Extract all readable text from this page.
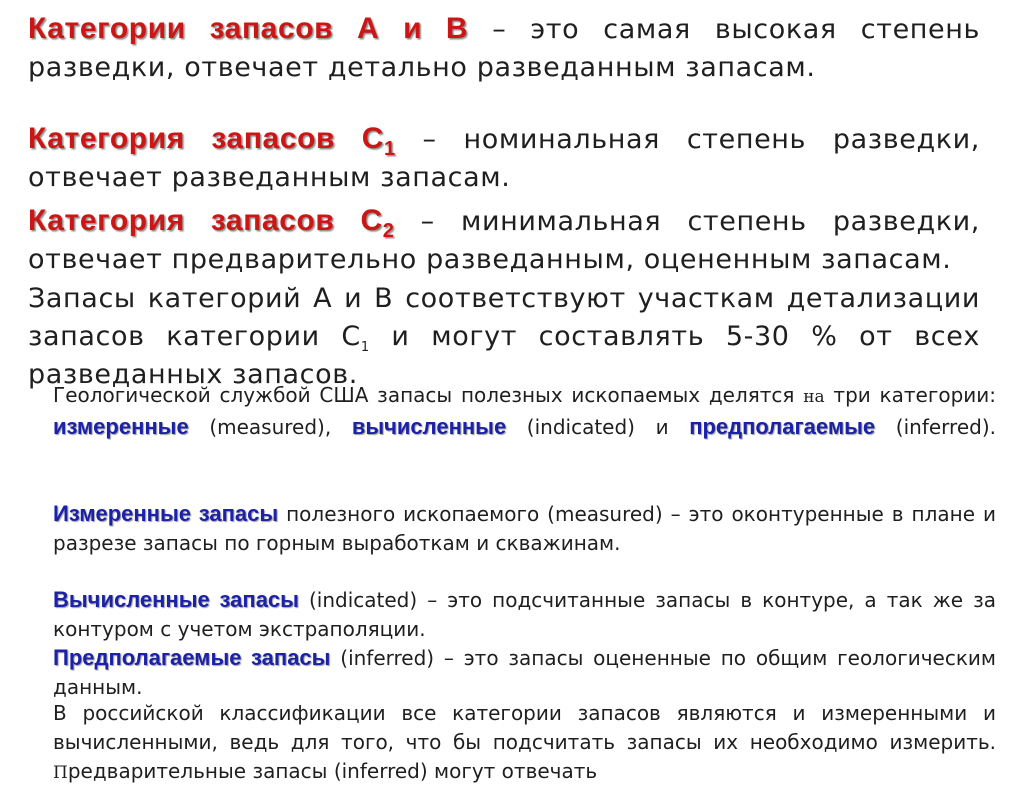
Категории запасов А и В – это самая высокая степень разведки, отвечает детально разведанным запасам.

Категория запасов $С_1$ – номинальная степень разведки, отвечает разведанным запасам.

Категория запасов $С_2$ – минимальная степень разведки, отвечает предварительно разведанным, оцененным запасам.

Запасы категорий А и В соответствуют участкам детализации запасов категории $С_1$ и могут составлять 5-30 % от всех разведанных запасов.

Геологической службой США запасы полезных ископаемых делятся на три категории: измеренные (measured), вычисленные (indicated) и предполагаемые (inferred).

Измеренные запасы полезного ископаемого (measured) – это оконтуренные в плане и разрезе запасы по горным выработкам и скважинам.

Вычисленные запасы (indicated) – это подсчитанные запасы в контуре, а так же за контуром с учетом экстраполяции.

Предполагаемые запасы (inferred) – это запасы оцененные по общим геологическим данным.

В российской классификации все категории запасов являются и измеренными и вычисленными, ведь для того, что бы подсчитать запасы их необходимо измерить. Предварительные запасы (inferred) могут отвечать
